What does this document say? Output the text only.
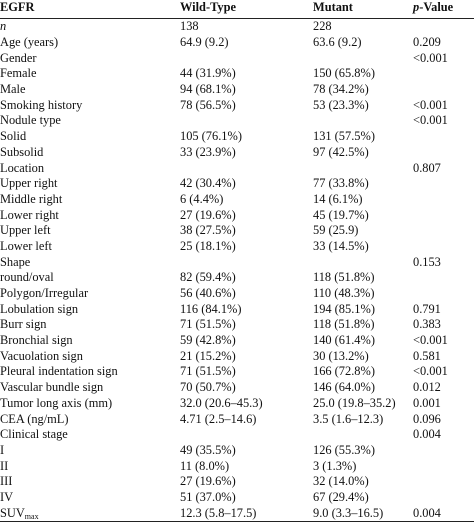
EGFR	Wild-Type	Mutant	p-Value
n	138	228	
Age (years)	64.9 (9.2)	63.6 (9.2)	0.209
Gender			<0.001
Female	44 (31.9%)	150 (65.8%)	
Male	94 (68.1%)	78 (34.2%)	
Smoking history	78 (56.5%)	53 (23.3%)	<0.001
Nodule type			<0.001
Solid	105 (76.1%)	131 (57.5%)	
Subsolid	33 (23.9%)	97 (42.5%)	
Location			0.807
Upper right	42 (30.4%)	77 (33.8%)	
Middle right	6 (4.4%)	14 (6.1%)	
Lower right	27 (19.6%)	45 (19.7%)	
Upper left	38 (27.5%)	59 (25.9)	
Lower left	25 (18.1%)	33 (14.5%)	
Shape			0.153
round/oval	82 (59.4%)	118 (51.8%)	
Polygon/Irregular	56 (40.6%)	110 (48.3%)	
Lobulation sign	116 (84.1%)	194 (85.1%)	0.791
Burr sign	71 (51.5%)	118 (51.8%)	0.383
Bronchial sign	59 (42.8%)	140 (61.4%)	<0.001
Vacuolation sign	21 (15.2%)	30 (13.2%)	0.581
Pleural indentation sign	71 (51.5%)	166 (72.8%)	<0.001
Vascular bundle sign	70 (50.7%)	146 (64.0%)	0.012
Tumor long axis (mm)	32.0 (20.6–45.3)	25.0 (19.8–35.2)	0.001
CEA (ng/mL)	4.71 (2.5–14.6)	3.5 (1.6–12.3)	0.096
Clinical stage			0.004
I	49 (35.5%)	126 (55.3%)	
II	11 (8.0%)	3 (1.3%)	
III	27 (19.6%)	32 (14.0%)	
IV	51 (37.0%)	67 (29.4%)	
$SUV_{max}$	12.3 (5.8–17.5)	9.0 (3.3–16.5)	0.004
